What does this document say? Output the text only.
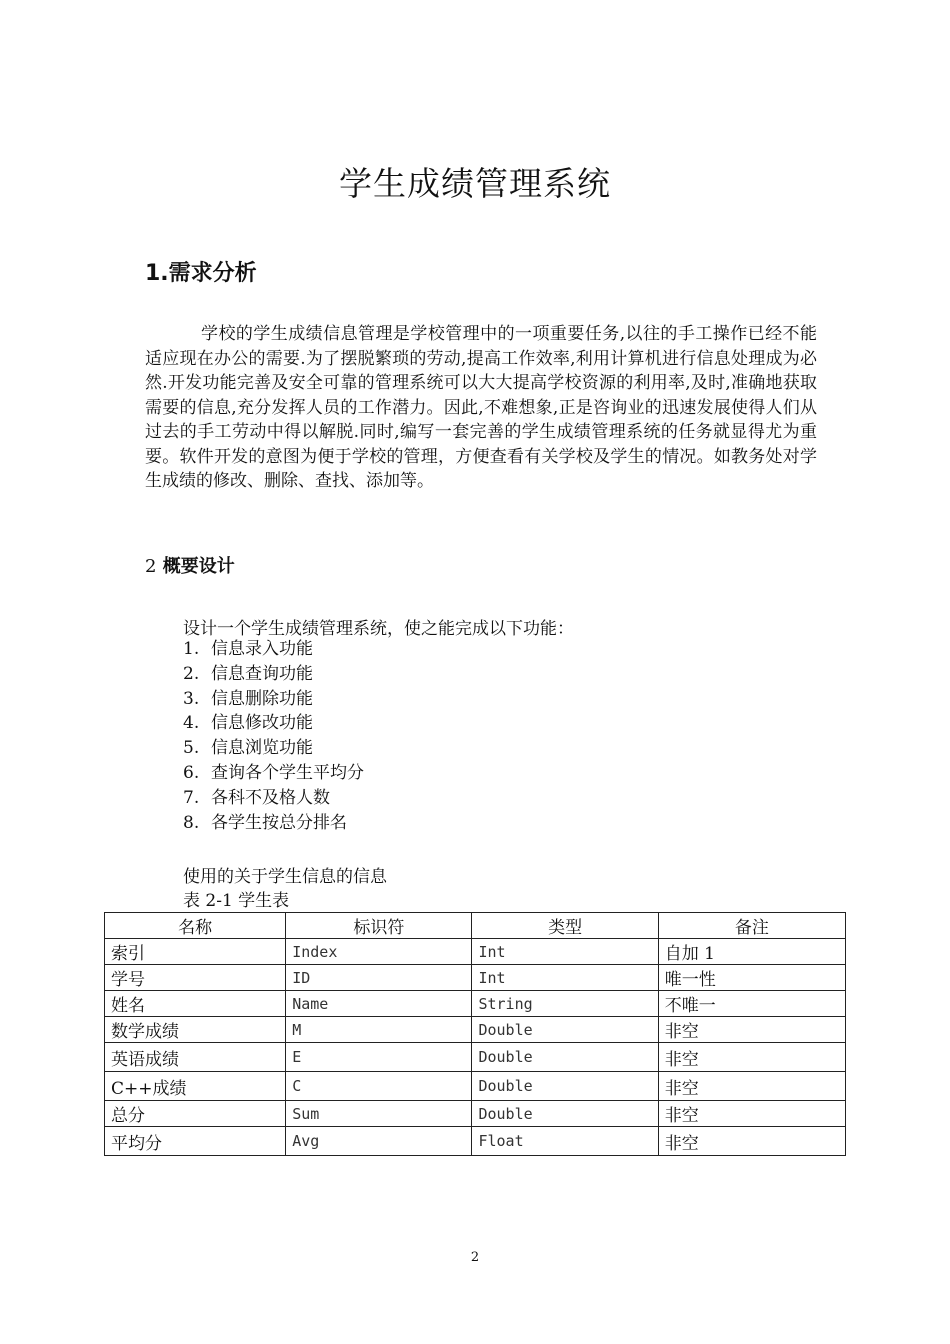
学生成绩管理系统
1.需求分析

学校的学生成绩信息管理是学校管理中的一项重要任务,以往的手工操作已经不能适应现在办公的需要.为了摆脱繁琐的劳动,提高工作效率,利用计算机进行信息处理成为必然.开发功能完善及安全可靠的管理系统可以大大提高学校资源的利用率,及时,准确地获取需要的信息,充分发挥人员的工作潜力。因此,不难想象,正是咨询业的迅速发展使得人们从过去的手工劳动中得以解脱.同时,编写一套完善的学生成绩管理系统的任务就显得尤为重要。软件开发的意图为便于学校的管理，方便查看有关学校及学生的情况。如教务处对学生成绩的修改、删除、查找、添加等。

2 概要设计
设计一个学生成绩管理系统，使之能完成以下功能：
1. 信息录入功能
2. 信息查询功能
3. 信息删除功能
4. 信息修改功能
5. 信息浏览功能
6. 查询各个学生平均分
7. 各科不及格人数
8. 各学生按总分排名
使用的关于学生信息的信息
表 2-1 学生表
名称	标识符	类型	备注
索引	Index	Int	自加 1
学号	ID	Int	唯一性
姓名	Name	String	不唯一
数学成绩	M	Double	非空
英语成绩	E	Double	非空
C++成绩	C	Double	非空
总分	Sum	Double	非空
平均分	Avg	Float	非空
2
